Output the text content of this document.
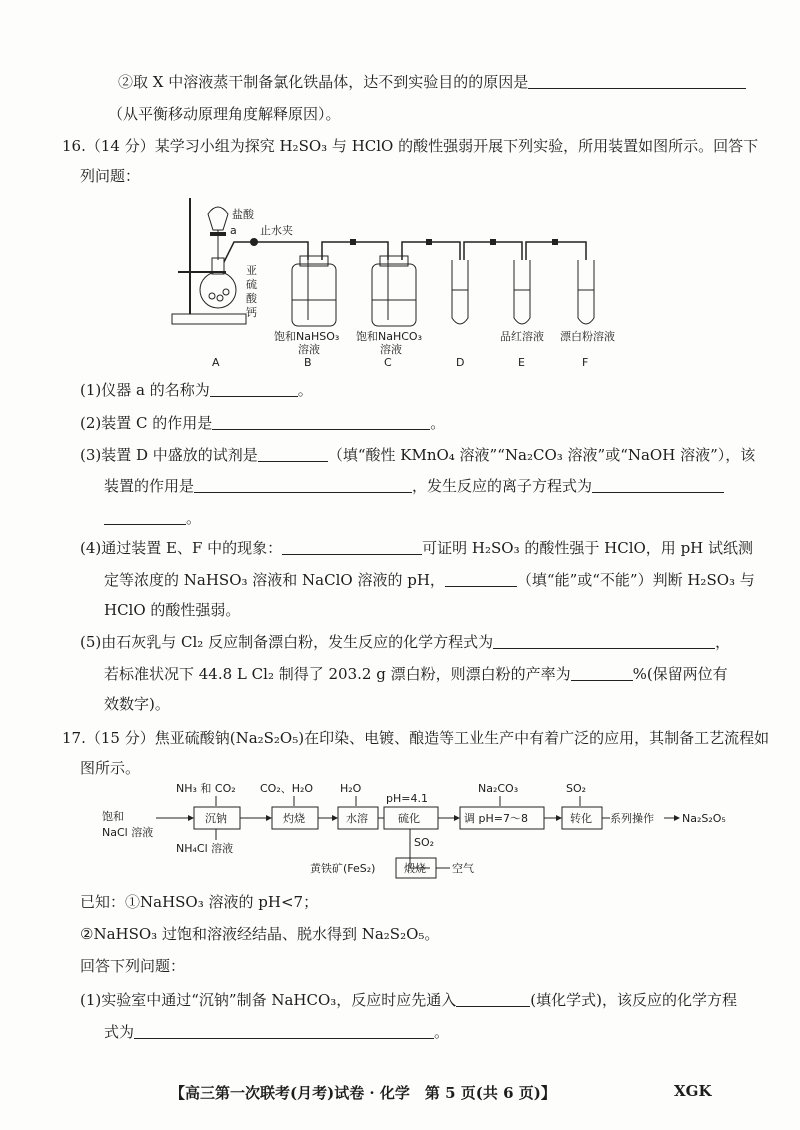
②取 X 中溶液蒸干制备氯化铁晶体，达不到实验目的的原因是
（从平衡移动原理角度解释原因）。
16.（14 分）某学习小组为探究 H₂SO₃ 与 HClO 的酸性强弱开展下列实验，所用装置如图所示。回答下
列问题：
盐酸
a 止水夹
亚
硫
酸
钙
饱和NaHSO₃
溶液
饱和NaHCO₃
溶液
品红溶液 漂白粉溶液
A	B	C	D	E	F
(1)仪器 a 的名称为	。
(2)装置 C 的作用是	。
(3)装置 D 中盛放的试剂是	（填“酸性 KMnO₄ 溶液”“Na₂CO₃ 溶液”或“NaOH 溶液”），该
装置的作用是	，发生反应的离子方程式为
。
(4)通过装置 E、F 中的现象：	可证明 H₂SO₃ 的酸性强于 HClO，用 pH 试纸测
定等浓度的 NaHSO₃ 溶液和 NaClO 溶液的 pH，	（填“能”或“不能”）判断 H₂SO₃ 与
HClO 的酸性强弱。
(5)由石灰乳与 Cl₂ 反应制备漂白粉，发生反应的化学方程式为	，
若标准状况下 44.8 L Cl₂ 制得了 203.2 g 漂白粉，则漂白粉的产率为	%(保留两位有
效数字)。
17.（15 分）焦亚硫酸钠(Na₂S₂O₅)在印染、电镀、酿造等工业生产中有着广泛的应用，其制备工艺流程如
图所示。
饱和
NaCl 溶液
NH₃ 和 CO₂
沉钠
NH₄Cl 溶液
CO₂、H₂O
灼烧
H₂O
水溶
pH=4.1
硫化
Na₂CO₃
调 pH=7～8
SO₂
转化 系列操作	Na₂S₂O₅
SO₂
黄铁矿(FeS₂)	煅烧 空气
已知：①NaHSO₃ 溶液的 pH<7；
②NaHSO₃ 过饱和溶液经结晶、脱水得到 Na₂S₂O₅。
回答下列问题：
(1)实验室中通过“沉钠”制备 NaHCO₃，反应时应先通入	(填化学式)，该反应的化学方程
式为	。
【高三第一次联考(月考)试卷 · 化学　第 5 页(共 6 页)】	XGK
